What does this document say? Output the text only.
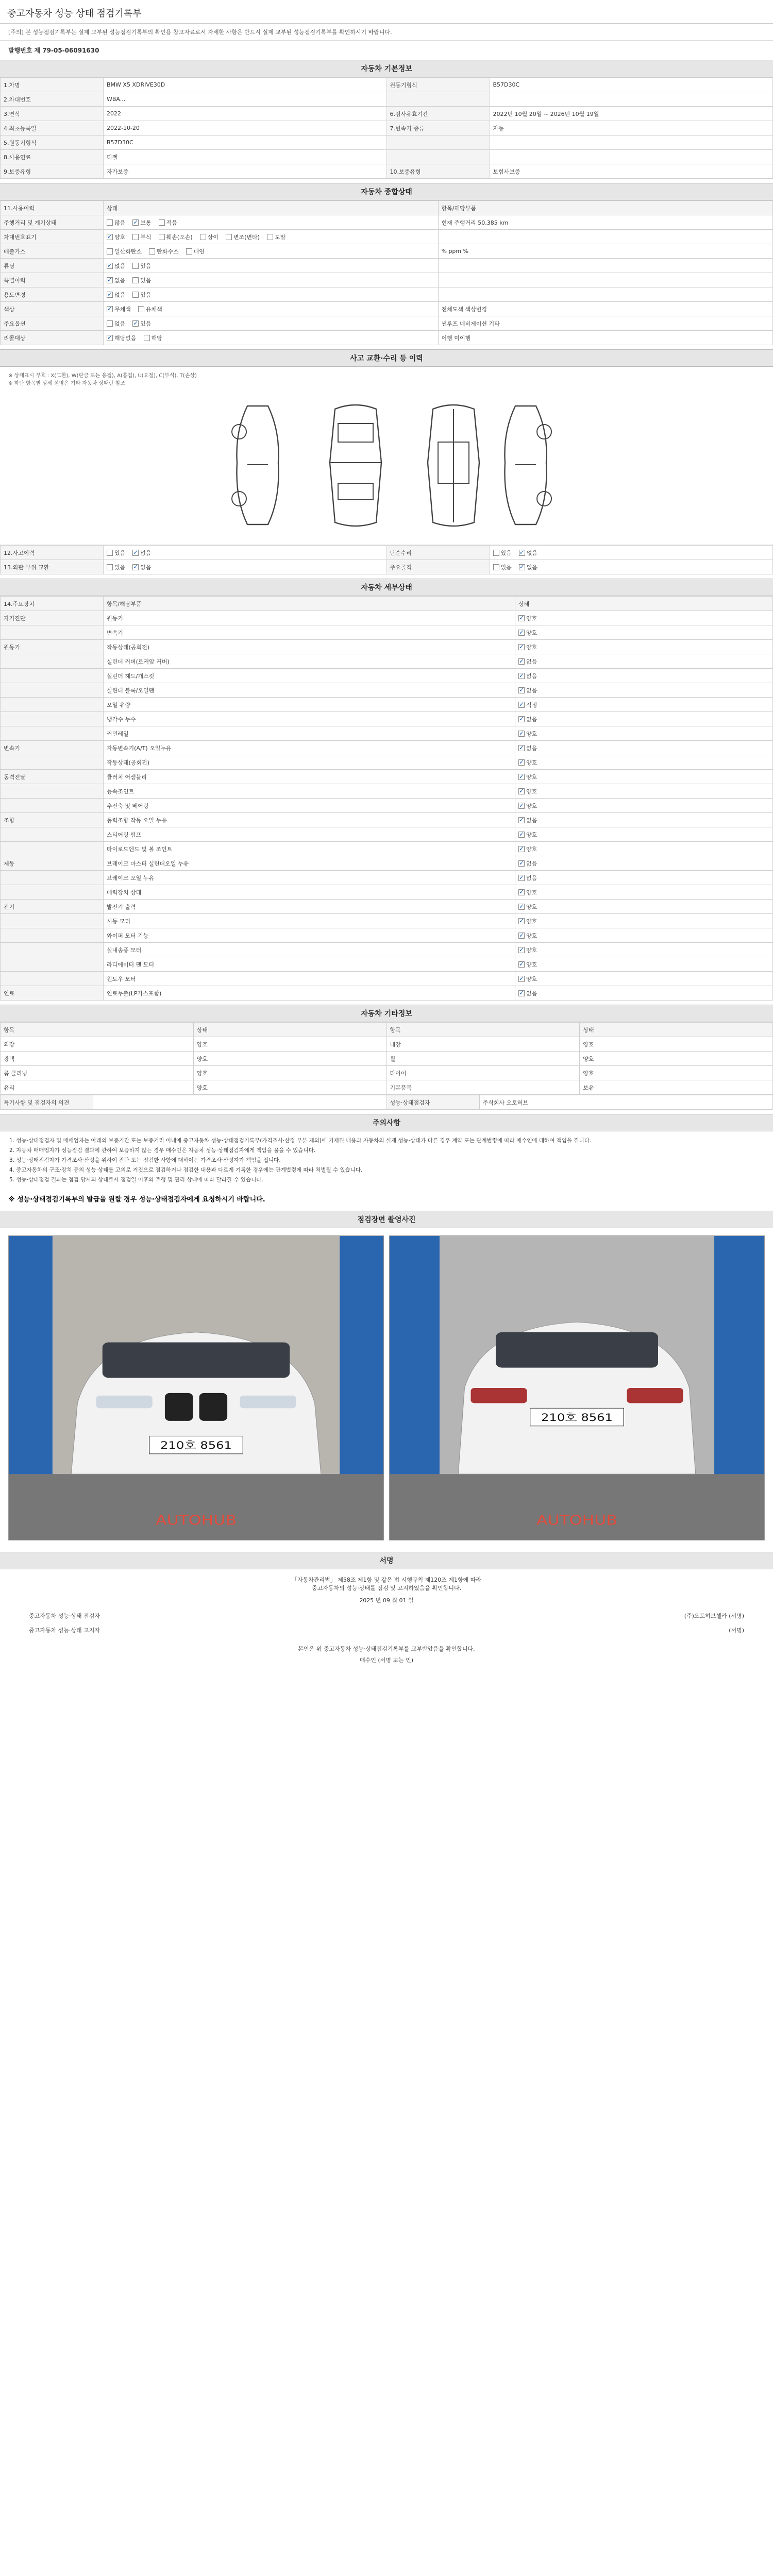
중고자동차 성능 상태 점검기록부
[주의] 본 성능점검기록부는 실제 교부된 성능점검기록부의 확인용 참고자료로서 자세한 사항은 반드시 실제 교부된 성능점검기록부를 확인하시기 바랍니다.
발행번호 제 79-05-06091630
자동차 기본정보
1.차명	BMW X5 XDRIVE30D	원동기형식	B57D30C
2.차대번호	WBA...		
3.연식	2022	6.검사유효기간	2022년 10월 20일 ~ 2026년 10월 19일
4.최초등록일	2022-10-20	7.변속기 종류	자동
5.원동기형식	B57D30C		
8.사용연료	디젤		
9.보증유형	자가보증	10.보증유형	보험사보증
자동차 종합상태
11.사용이력	상태	항목/해당부품
주행거리 및 계기상태	많음 ✓ 보통 적음	현재 주행거리 50,385 km
차대번호표기	✓양호 부식 훼손(오손) 상이 변조(변타) 도말	
배출가스	일산화탄소 탄화수소 매연	% ppm %
튜닝	✓없음 있음	
특별이력	✓없음 있음	
용도변경	✓없음 있음	
색상	✓무채색 유채색	전체도색 색상변경
주요옵션	없음 ✓ 있음	썬루프 네비게이션 기타
리콜대상	✓해당없음 해당	이행 미이행
사고 교환·수리 등 이력
※ 상태표시 부호 : X(교환), W(판금 또는 용접), A(흠집), U(요철), C(부식), T(손상)
※ 하단 항목별 상세 설명은 기타 자동차 상태란 참조
12.사고이력	있음 ✓ 없음	단순수리	있음 ✓ 없음
13.외판 부위 교환	있음 ✓ 없음	주요골격	있음 ✓ 없음
자동차 세부상태
14.주요장치	항목/해당부품	상태
자기진단	원동기	✓양호
	변속기	✓양호
원동기	작동상태(공회전)	✓양호
	실린더 커버(로커암 커버)	✓없음
	실린더 헤드/개스킷	✓없음
	실린더 블록/오일팬	✓없음
	오일 유량	✓적정
	냉각수 누수	✓없음
	커먼레일	✓양호
변속기	자동변속기(A/T) 오일누유	✓없음
	작동상태(공회전)	✓양호
동력전달	클러치 어셈블리	✓양호
	등속조인트	✓양호
	추진축 및 베어링	✓양호
조향	동력조향 작동 오일 누유	✓없음
	스티어링 펌프	✓양호
	타이로드엔드 및 볼 조인트	✓양호
제동	브레이크 마스터 실린더오일 누유	✓없음
	브레이크 오일 누유	✓없음
	배력장치 상태	✓양호
전기	발전기 출력	✓양호
	시동 모터	✓양호
	와이퍼 모터 기능	✓양호
	실내송풍 모터	✓양호
	라디에이터 팬 모터	✓양호
	윈도우 모터	✓양호
연료	연료누출(LP가스포함)	✓없음
자동차 기타정보
항목	상태	항목	상태
외장	양호	내장	양호
광택	양호	휠	양호
룸 클리닝	양호	타이어	양호
유리	양호	기본품목	보유
특기사항 및 점검자의 의견		성능·상태점검자	주식회사 오토허브
주의사항

1. 성능·상태점검자 및 매매업자는 아래의 보증기간 또는 보증거리 이내에 중고자동차 성능·상태점검기록부(가격조사·산정 부분 제외)에 기재된 내용과 자동차의 실제 성능·상태가 다른 경우 계약 또는 관계법령에 따라 매수인에 대하여 책임을 집니다.

2. 자동차 매매업자가 성능점검 결과에 관하여 보증하지 않는 경우 매수인은 자동차 성능·상태점검자에게 책임을 물을 수 있습니다.

3. 성능·상태점검자가 가격조사·산정을 위하여 진단 또는 점검한 사항에 대하여는 가격조사·산정자가 책임을 집니다.

4. 중고자동차의 구조·장치 등의 성능·상태를 고의로 거짓으로 점검하거나 점검한 내용과 다르게 기록한 경우에는 관계법령에 따라 처벌될 수 있습니다.

5. 성능·상태점검 결과는 점검 당시의 상태로서 점검일 이후의 주행 및 관리 상태에 따라 달라질 수 있습니다.

※ 성능·상태점검기록부의 발급을 원할 경우 성능·상태점검자에게 요청하시기 바랍니다.
점검장면 촬영사진
210호 8561
AUTOHUB
210호 8561
AUTOHUB
서명
「자동차관리법」 제58조 제1항 및 같은 법 시행규칙 제120조 제1항에 따라
중고자동차의 성능·상태를 점검 및 고지하였음을 확인합니다.
2025 년 09 월 01 일
중고자동차 성능·상태 점검자	(주)오토허브셀카 (서명)
중고자동차 성능·상태 고지자	(서명)
본인은 위 중고자동차 성능·상태점검기록부를 교부받았음을 확인합니다.
매수인 (서명 또는 인)
